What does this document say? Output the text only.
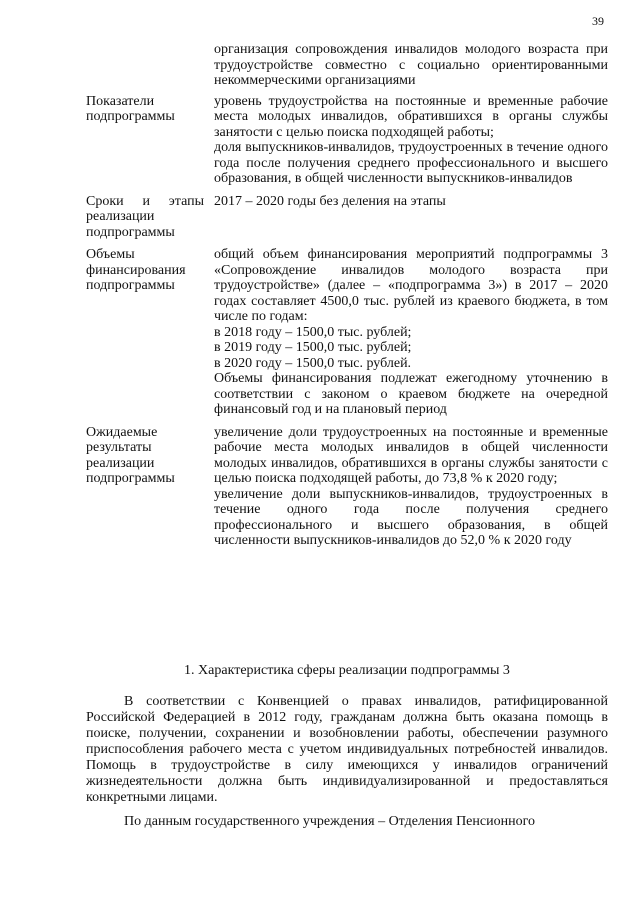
39

организация сопровождения инвалидов молодого возраста при трудоустройстве совместно с социально ориентированными некоммерческими организациями

Показатели подпрограммы

уровень трудоустройства на постоянные и временные рабочие места молодых инвалидов, обратившихся в органы службы занятости с целью поиска подходящей работы;

доля выпускников-инвалидов, трудоустроенных в течение одного года после получения среднего профессионального и высшего образования, в общей численности выпускников-инвалидов

Сроки и этапы реализации подпрограммы

2017 – 2020 годы без деления на этапы

Объемы финансирования подпрограммы

общий объем финансирования мероприятий подпрограммы 3 «Сопровождение инвалидов молодого возраста при трудоустройстве» (далее – «подпрограмма 3») в 2017 – 2020 годах составляет 4500,0 тыс. рублей из краевого бюджета, в том числе по годам:

в 2018 году – 1500,0 тыс. рублей;

в 2019 году – 1500,0 тыс. рублей;

в 2020 году – 1500,0 тыс. рублей.

Объемы финансирования подлежат ежегодному уточнению в соответствии с законом о краевом бюджете на очередной финансовый год и на плановый период

Ожидаемые результаты реализации подпрограммы

увеличение доли трудоустроенных на постоянные и временные рабочие места молодых инвалидов в общей численности молодых инвалидов, обратившихся в органы службы занятости с целью поиска подходящей работы, до 73,8 % к 2020 году;

увеличение доли выпускников-инвалидов, трудоустроенных в течение одного года после получения среднего профессионального и высшего образования, в общей численности выпускников-инвалидов до 52,0 % к 2020 году

1. Характеристика сферы реализации подпрограммы 3

В соответствии с Конвенцией о правах инвалидов, ратифицированной Российской Федерацией в 2012 году, гражданам должна быть оказана помощь в поиске, получении, сохранении и возобновлении работы, обеспечении разумного приспособления рабочего места с учетом индивидуальных потребностей инвалидов. Помощь в трудоустройстве в силу имеющихся у инвалидов ограничений жизнедеятельности должна быть индивидуализированной и предоставляться конкретными лицами.

По данным государственного учреждения – Отделения Пенсионного
